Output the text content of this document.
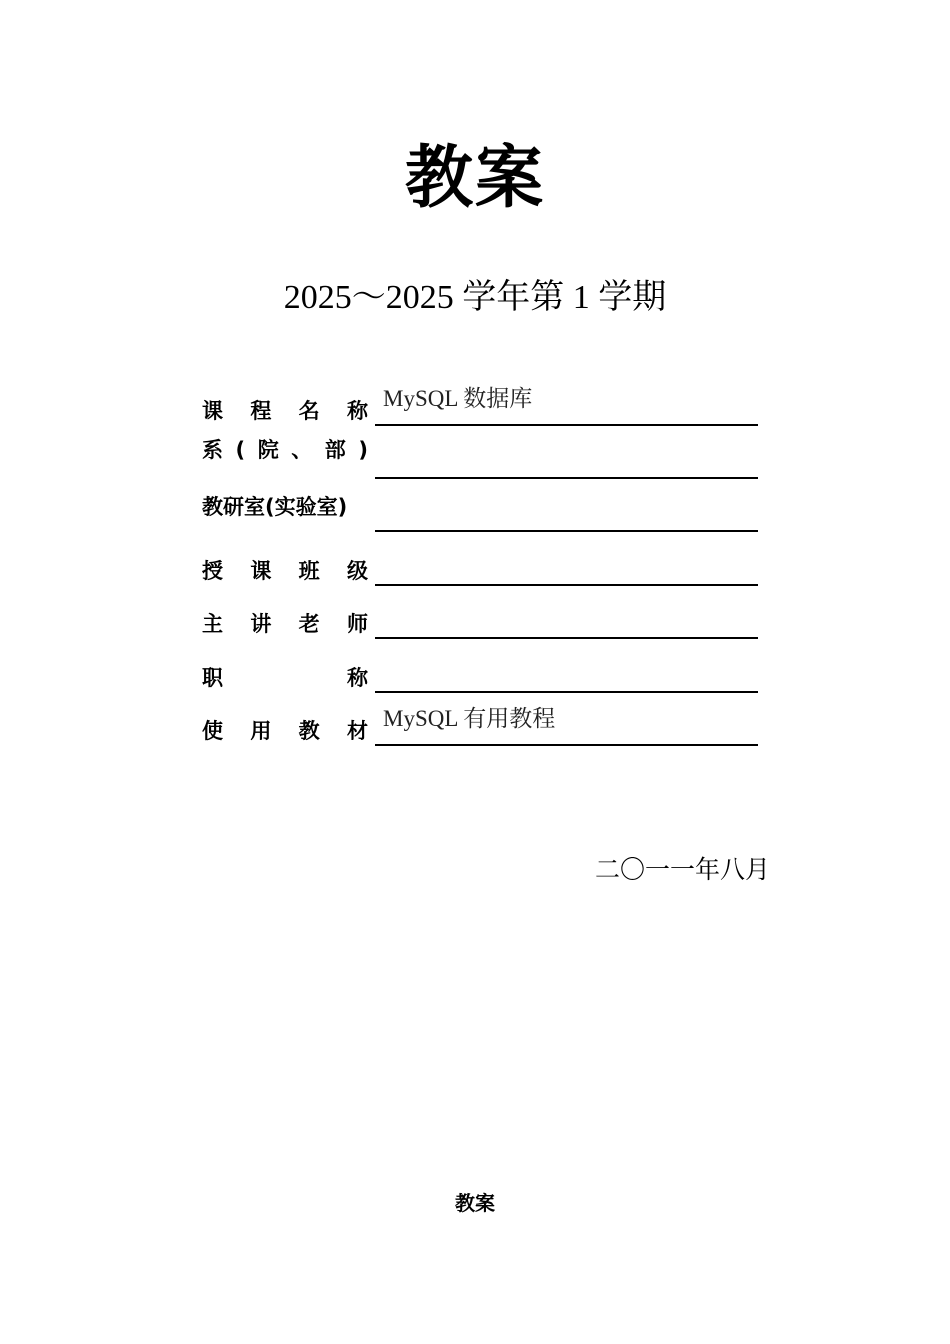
教案
2025～2025 学年第 1 学期
课 程 名 称 MySQL 数据库
系 ( 院 、 部 )
教研室(实验室)
授 课 班 级
主 讲 老 师
职	称
使 用 教 材 MySQL 有用教程
二〇一一年八月
教案
